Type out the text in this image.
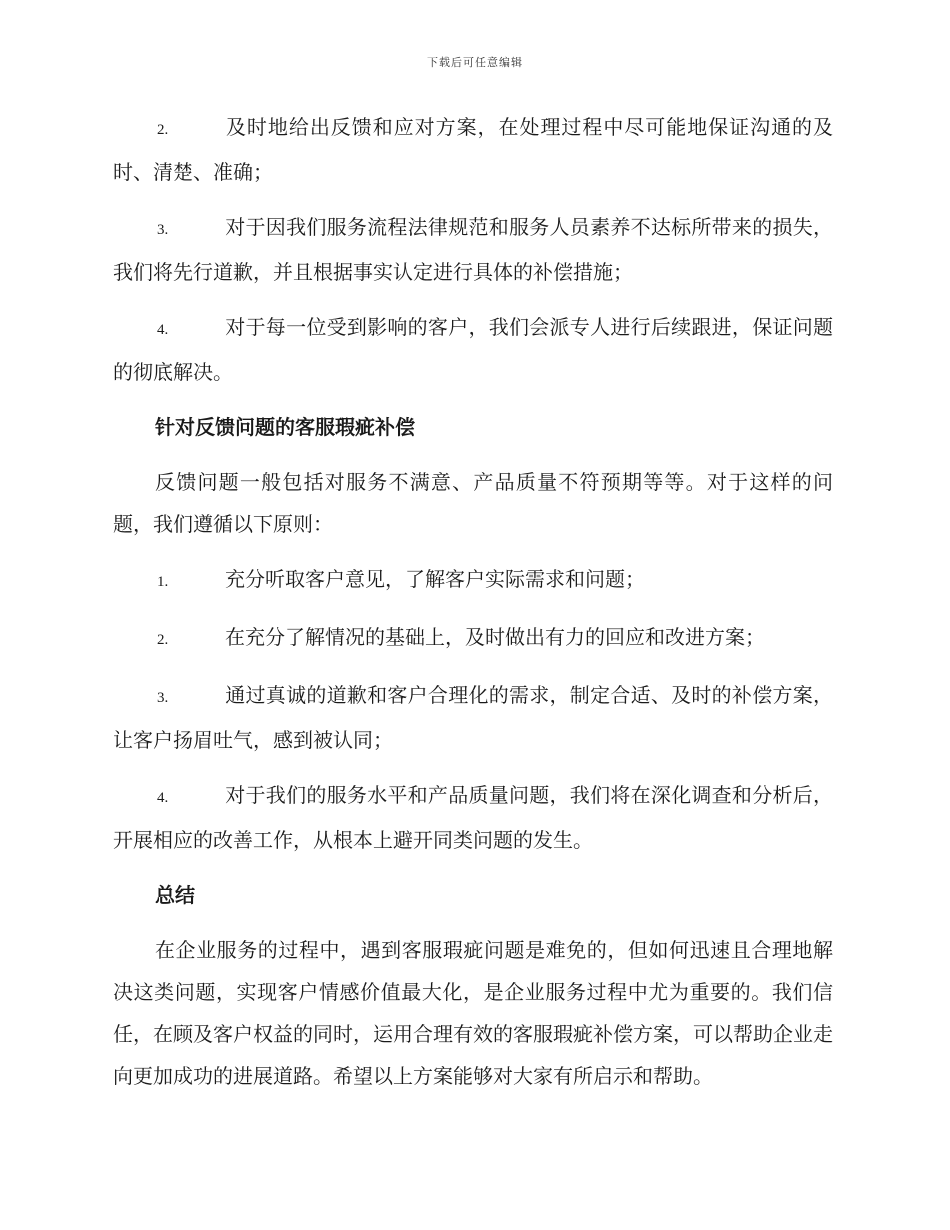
下载后可任意编辑
2.	及时地给出反馈和应对方案，在处理过程中尽可能地保证沟通的及时、清楚、准确；
3.	对于因我们服务流程法律规范和服务人员素养不达标所带来的损失，我们将先行道歉，并且根据事实认定进行具体的补偿措施；
4.	对于每一位受到影响的客户，我们会派专人进行后续跟进，保证问题的彻底解决。
针对反馈问题的客服瑕疵补偿

反馈问题一般包括对服务不满意、产品质量不符预期等等。对于这样的问题，我们遵循以下原则：

1.	充分听取客户意见，了解客户实际需求和问题；
2.	在充分了解情况的基础上，及时做出有力的回应和改进方案；
3.	通过真诚的道歉和客户合理化的需求，制定合适、及时的补偿方案，让客户扬眉吐气，感到被认同；
4.	对于我们的服务水平和产品质量问题，我们将在深化调查和分析后，开展相应的改善工作，从根本上避开同类问题的发生。
总结

在企业服务的过程中，遇到客服瑕疵问题是难免的，但如何迅速且合理地解决这类问题，实现客户情感价值最大化，是企业服务过程中尤为重要的。我们信任，在顾及客户权益的同时，运用合理有效的客服瑕疵补偿方案，可以帮助企业走向更加成功的进展道路。希望以上方案能够对大家有所启示和帮助。
